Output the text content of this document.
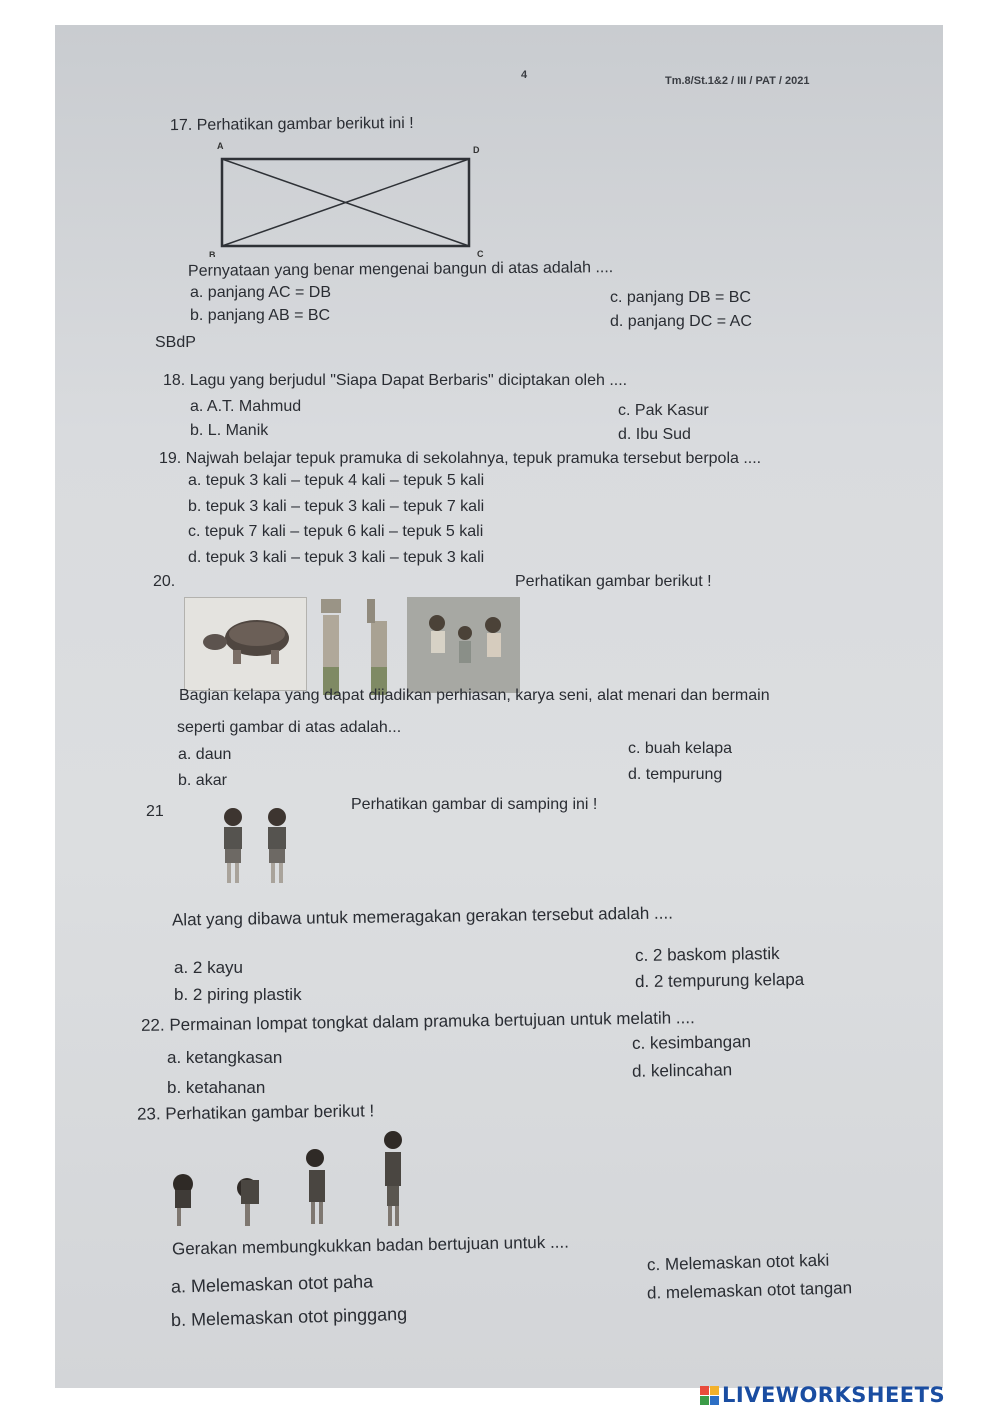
4	Tm.8/St.1&2 / III / PAT / 2021
17. Perhatikan gambar berikut ini !
A	D
B	C
Pernyataan yang benar mengenai bangun di atas adalah ....
a. panjang AC = DB
b. panjang AB = BC
c. panjang DB = BC
d. panjang DC = AC
SBdP
18. Lagu yang berjudul "Siapa Dapat Berbaris" diciptakan oleh ....
a. A.T. Mahmud
b. L. Manik
c. Pak Kasur
d. Ibu Sud
19. Najwah belajar tepuk pramuka di sekolahnya, tepuk pramuka tersebut berpola ....
a. tepuk 3 kali – tepuk 4 kali – tepuk 5 kali
b. tepuk 3 kali – tepuk 3 kali – tepuk 7 kali
c. tepuk 7 kali – tepuk 6 kali – tepuk 5 kali
d. tepuk 3 kali – tepuk 3 kali – tepuk 3 kali
20.	Perhatikan gambar berikut !
Bagian kelapa yang dapat dijadikan perhiasan, karya seni, alat menari dan bermain
seperti gambar di atas adalah...
a. daun
b. akar
c. buah kelapa
d. tempurung
21	Perhatikan gambar di samping ini !
Alat yang dibawa untuk memeragakan gerakan tersebut adalah ....
a. 2 kayu
b. 2 piring plastik
c. 2 baskom plastik
d. 2 tempurung kelapa
22. Permainan lompat tongkat dalam pramuka bertujuan untuk melatih ....
a. ketangkasan
b. ketahanan
c. kesimbangan
d. kelincahan
23. Perhatikan gambar berikut !
Gerakan membungkukkan badan bertujuan untuk ....
a. Melemaskan otot paha
b. Melemaskan otot pinggang
c. Melemaskan otot kaki
d. melemaskan otot tangan
LIVEWORKSHEETS
